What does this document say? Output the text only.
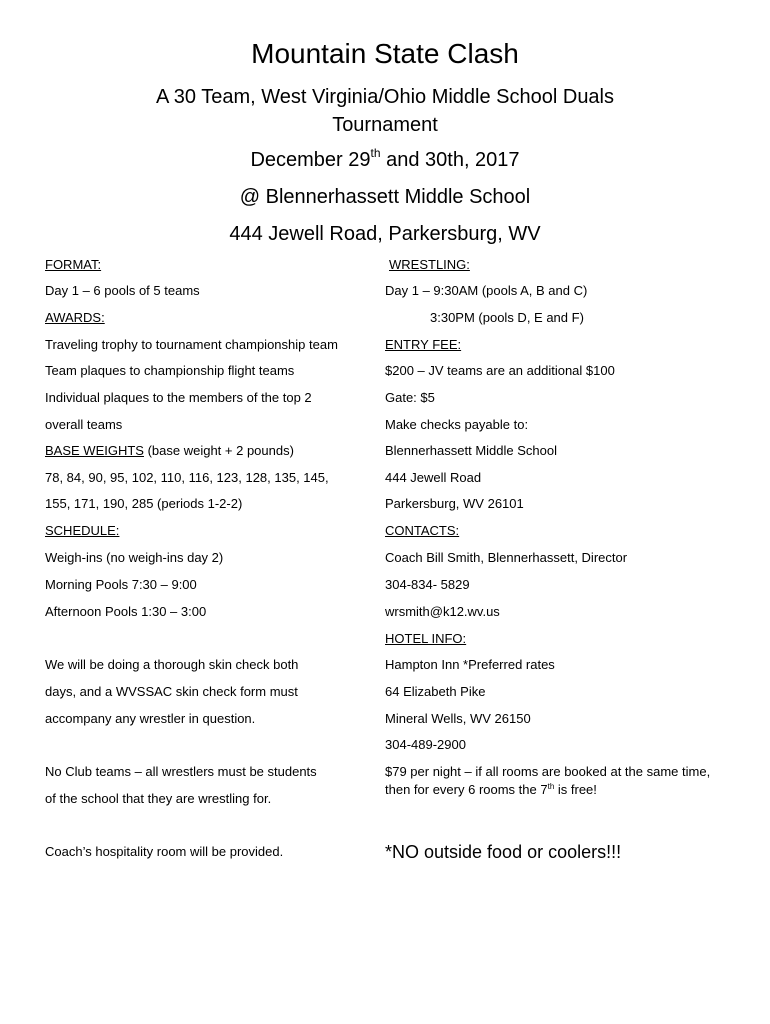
Mountain State Clash
A 30 Team, West Virginia/Ohio Middle School Duals
Tournament
December 29th and 30th, 2017
@ Blennerhassett Middle School
444 Jewell Road, Parkersburg, WV
FORMAT:
Day 1 – 6 pools of 5 teams
AWARDS:
Traveling trophy to tournament championship team
Team plaques to championship flight teams
Individual plaques to the members of the top 2
overall teams
BASE WEIGHTS (base weight + 2 pounds)
78, 84, 90, 95, 102, 110, 116, 123, 128, 135, 145,
155, 171, 190, 285 (periods 1-2-2)
SCHEDULE:
Weigh-ins (no weigh-ins day 2)
Morning Pools 7:30 – 9:00
Afternoon Pools 1:30 – 3:00
We will be doing a thorough skin check both
days, and a WVSSAC skin check form must
accompany any wrestler in question.
No Club teams – all wrestlers must be students
of the school that they are wrestling for.
Coach’s hospitality room will be provided.
WRESTLING:
Day 1 – 9:30AM (pools A, B and C)
3:30PM (pools D, E and F)
ENTRY FEE:
$200 – JV teams are an additional $100
Gate: $5
Make checks payable to:
Blennerhassett Middle School
444 Jewell Road
Parkersburg, WV 26101
CONTACTS:
Coach Bill Smith, Blennerhassett, Director
304-834- 5829
wrsmith@k12.wv.us
HOTEL INFO:
Hampton Inn *Preferred rates
64 Elizabeth Pike
Mineral Wells, WV 26150
304-489-2900
$79 per night – if all rooms are booked at the same time, then for every 6 rooms the 7th is free!
*NO outside food or coolers!!!
